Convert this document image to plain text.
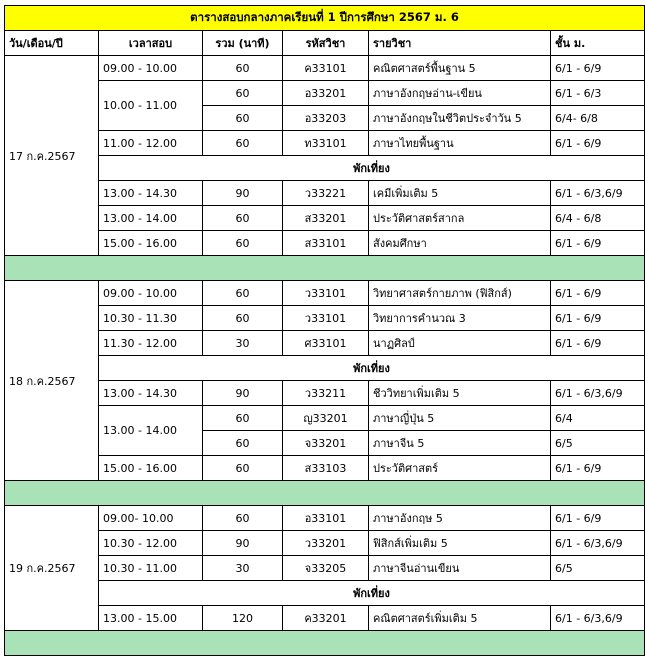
ตารางสอบกลางภาคเรียนที่ 1 ปีการศึกษา 2567 ม. 6					
วัน/เดือน/ปี	เวลาสอบ	รวม (นาที)	รหัสวิชา	รายวิชา	ชั้น ม.
17 ก.ค.2567	09.00 - 10.00	60	ค33101	คณิตศาสตร์พื้นฐาน 5	6/1 - 6/9
	10.00 - 11.00	60	อ33201	ภาษาอังกฤษอ่าน-เขียน	6/1 - 6/3
		60	อ33203	ภาษาอังกฤษในชีวิตประจำวัน 5	6/4- 6/8
	11.00 - 12.00	60	ท33101	ภาษาไทยพื้นฐาน	6/1 - 6/9
	พักเที่ยง				
	13.00 - 14.30	90	ว33221	เคมีเพิ่มเติม 5	6/1 - 6/3,6/9
	13.00 - 14.00	60	ส33201	ประวัติศาสตร์สากล	6/4 - 6/8
	15.00 - 16.00	60	ส33101	สังคมศึกษา	6/1 - 6/9

18 ก.ค.2567	09.00 - 10.00	60	ว33101	วิทยาศาสตร์กายภาพ (ฟิสิกส์)	6/1 - 6/9
	10.30 - 11.30	60	ว33101	วิทยาการคำนวณ 3	6/1 - 6/9
	11.30 - 12.00	30	ศ33101	นาฏศิลป์	6/1 - 6/9
	พักเที่ยง				
	13.00 - 14.30	90	ว33211	ชีววิทยาเพิ่มเติม 5	6/1 - 6/3,6/9
	13.00 - 14.00	60	ญ33201	ภาษาญี่ปุ่น 5	6/4
		60	จ33201	ภาษาจีน 5	6/5
	15.00 - 16.00	60	ส33103	ประวัติศาสตร์	6/1 - 6/9

19 ก.ค.2567	09.00- 10.00	60	อ33101	ภาษาอังกฤษ 5	6/1 - 6/9
	10.30 - 12.00	90	ว33201	ฟิสิกส์เพิ่มเติม 5	6/1 - 6/3,6/9
	10.30 - 11.00	30	จ33205	ภาษาจีนอ่านเขียน	6/5
	พักเที่ยง				
	13.00 - 15.00	120	ค33201	คณิตศาสตร์เพิ่มเติม 5	6/1 - 6/3,6/9
